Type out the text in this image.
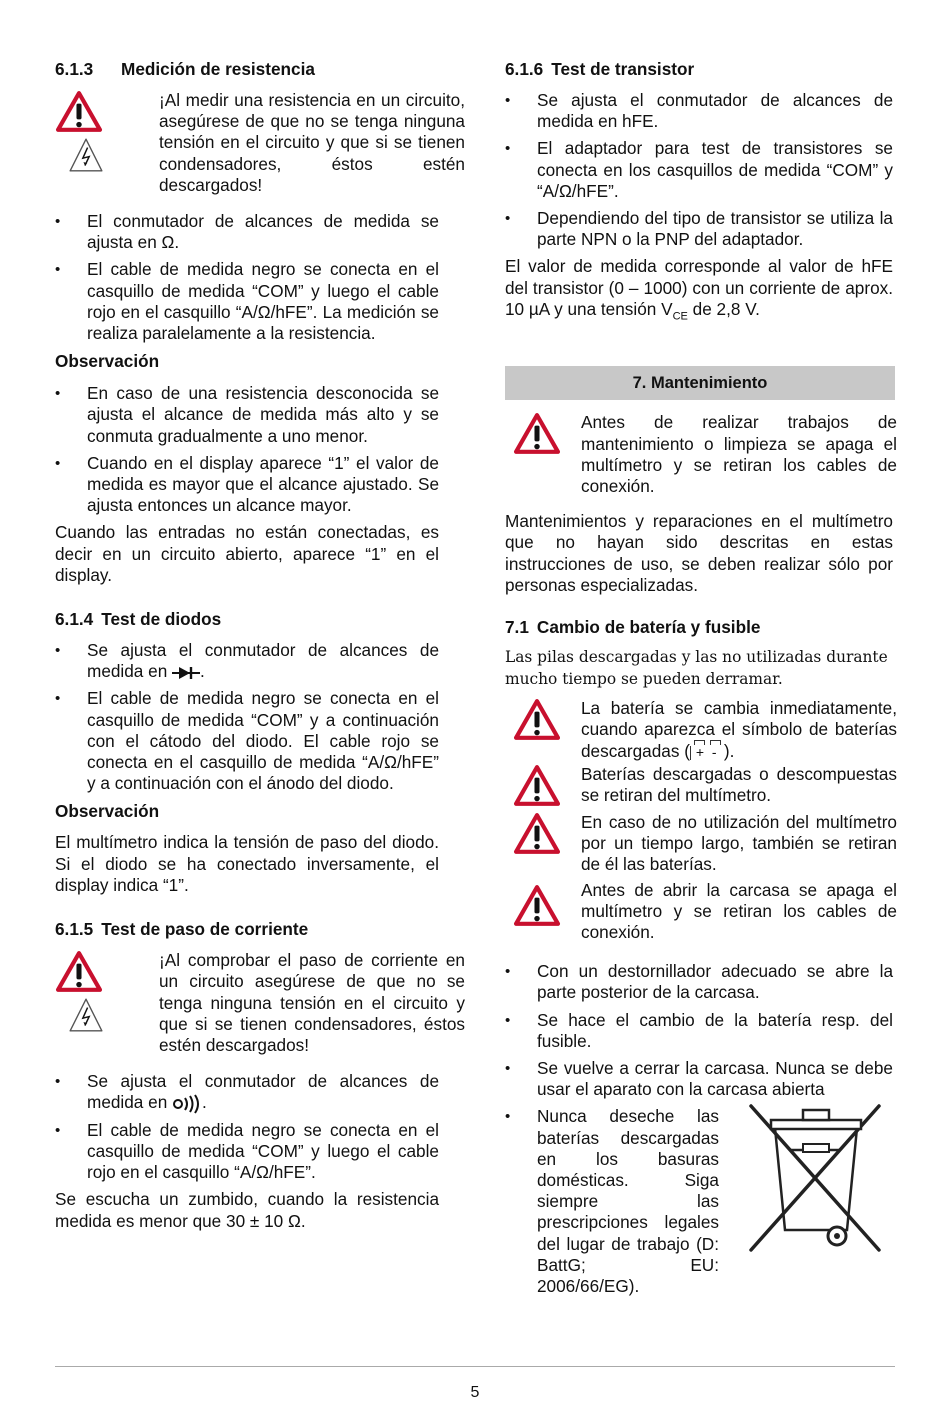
6.1.3 Medición de resistencia

¡Al medir una resistencia en un circuito, asegúrese de que no se tenga ninguna tensión en el circuito y que si se tienen condensadores, éstos estén descargados!

• El conmutador de alcances de medida se ajusta en Ω.
• El cable de medida negro se conecta en el casquillo de medida “COM” y luego el cable rojo en el casquillo “A/Ω/hFE”. La medición se realiza paralelamente a la resistencia.
Observación
• En caso de una resistencia desconocida se ajusta el alcance de medida más alto y se conmuta gradualmente a uno menor.
• Cuando en el display aparece “1” el valor de medida es mayor que el alcance ajustado. Se ajusta entonces un alcance mayor.

Cuando las entradas no están conectadas, es decir en un circuito abierto, aparece “1” en el display.

6.1.4 Test de diodos
• Se ajusta el conmutador de alcances de medida en .
• El cable de medida negro se conecta en el casquillo de medida “COM” y a continuación con el cátodo del diodo. El cable rojo se conecta en el casquillo de medida “A/Ω/hFE” y a continuación con el ánodo del diodo.
Observación

El multímetro indica la tensión de paso del diodo. Si el diodo se ha conectado inversamente, el display indica “1”.

6.1.5 Test de paso de corriente

¡Al comprobar el paso de corriente en un circuito asegúrese de que no se tenga ninguna tensión en el circuito y que si se tienen condensadores, éstos estén descargados!

• Se ajusta el conmutador de alcances de medida en .
• El cable de medida negro se conecta en el casquillo de medida “COM” y luego el cable rojo en el casquillo “A/Ω/hFE”.

Se escucha un zumbido, cuando la resistencia medida es menor que 30 ± 10 Ω.

6.1.6 Test de transistor
• Se ajusta el conmutador de alcances de medida en hFE.
• El adaptador para test de transistores se conecta en los casquillos de medida “COM” y “A/Ω/hFE”.
• Dependiendo del tipo de transistor se utiliza la parte NPN o la PNP del adaptador.

El valor de medida corresponde al valor de hFE del transistor (0 – 1000) con un corriente de aprox. 10 µA y una tensión $V_{CE}$ de 2,8 V.

7. Mantenimiento

Antes de realizar trabajos de mantenimiento o limpieza se apaga el multímetro y se retiran los cables de conexión.

Mantenimientos y reparaciones en el multímetro que no hayan sido descritas en estas instrucciones de uso, se deben realizar sólo por personas especializadas.

7.1 Cambio de batería y fusible

Las pilas descargadas y las no utilizadas durante mucho tiempo se pueden derramar.

La batería se cambia inmediatamente, cuando aparezca el símbolo de baterías descargadas ( + - ).

Baterías descargadas o descompuestas se retiran del multímetro.

En caso de no utilización del multímetro por un tiempo largo, también se retiran de él las baterías.

Antes de abrir la carcasa se apaga el multímetro y se retiran los cables de conexión.

• Con un destornillador adecuado se abre la parte posterior de la carcasa.
• Se hace el cambio de la batería resp. del fusible.
• Se vuelve a cerrar la carcasa. Nunca se debe usar el aparato con la carcasa abierta
• Nunca deseche las baterías descargadas en los basuras domésticas. Siga siempre las prescripciones legales del lugar de trabajo (D: BattG; EU: 2006/66/EG).
5
